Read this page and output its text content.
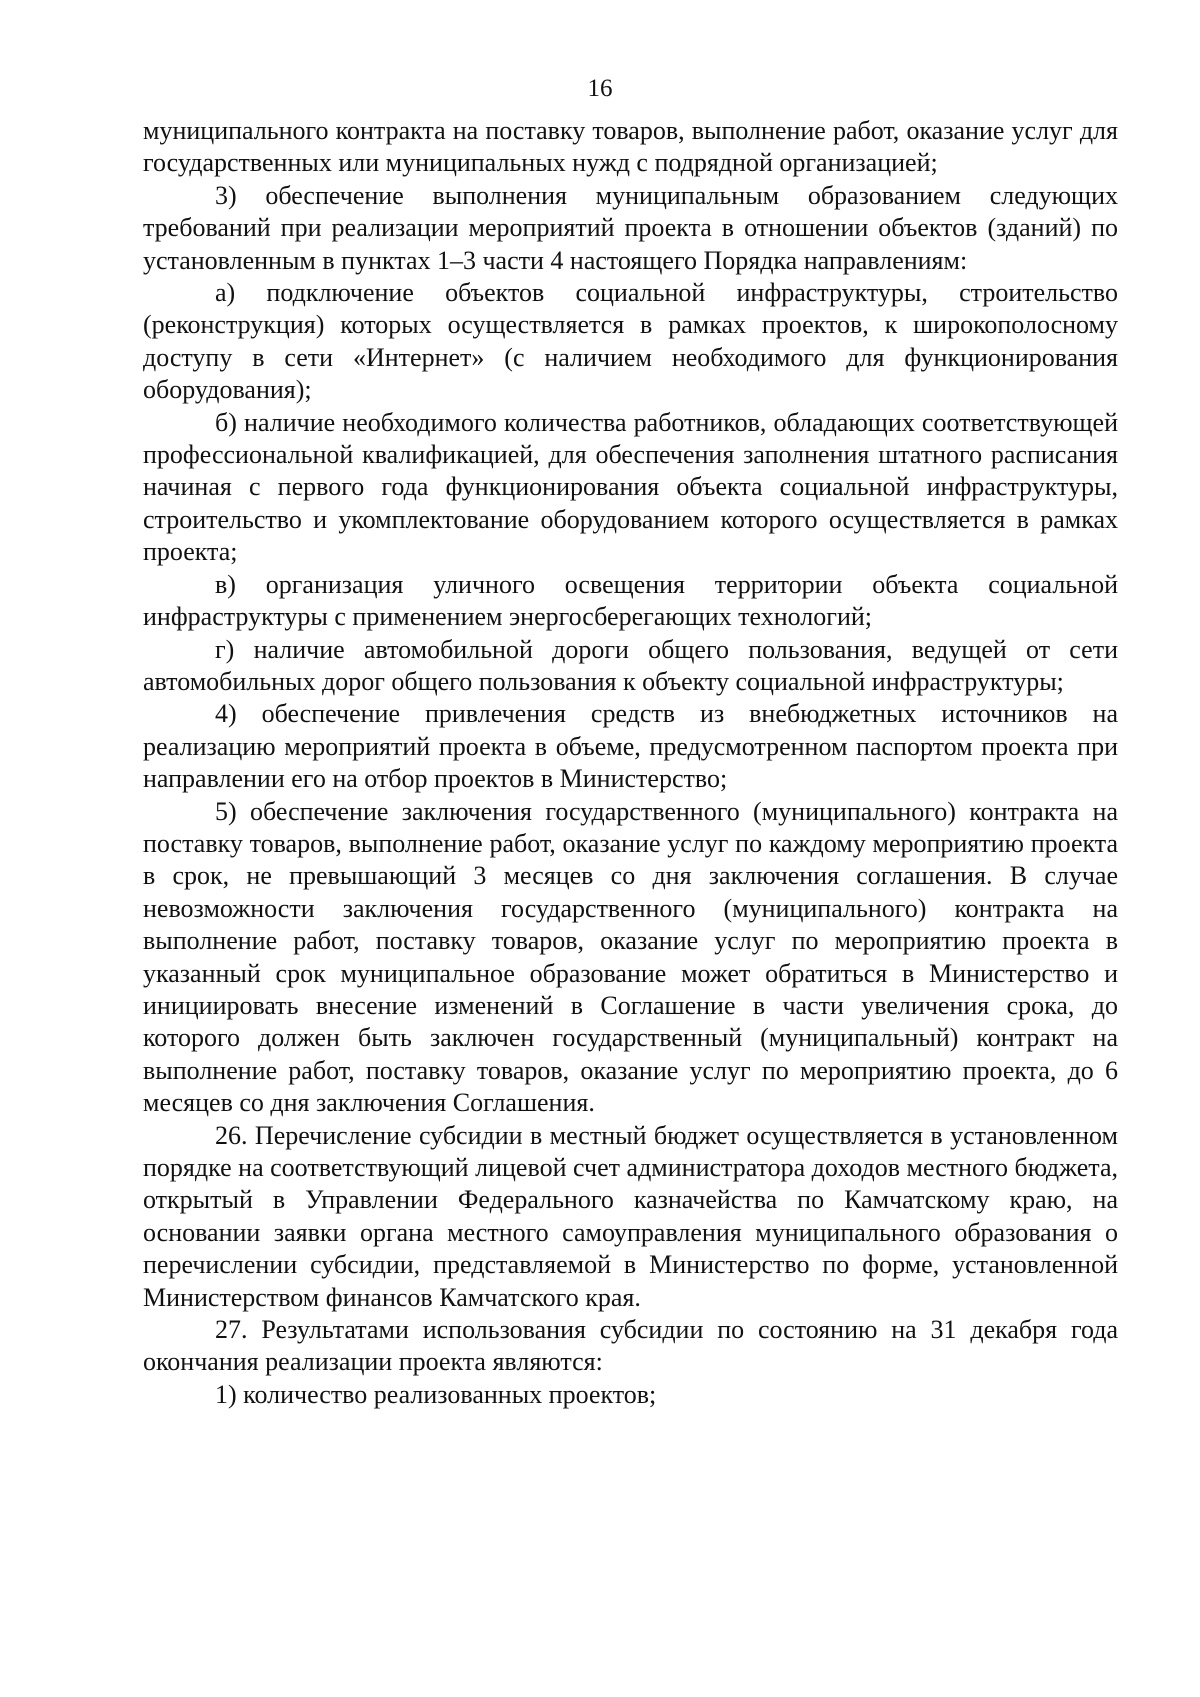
16

муниципального контракта на поставку товаров, выполнение работ, оказание услуг для государственных или муниципальных нужд с подрядной организацией;

3) обеспечение выполнения муниципальным образованием следующих требований при реализации мероприятий проекта в отношении объектов (зданий) по установленным в пунктах 1–3 части 4 настоящего Порядка направлениям:

а) подключение объектов социальной инфраструктуры, строительство (реконструкция) которых осуществляется в рамках проектов, к широкополосному доступу в сети «Интернет» (с наличием необходимого для функционирования оборудования);

б) наличие необходимого количества работников, обладающих соответствующей профессиональной квалификацией, для обеспечения заполнения штатного расписания начиная с первого года функционирования объекта социальной инфраструктуры, строительство и укомплектование оборудованием которого осуществляется в рамках проекта;

в) организация уличного освещения территории объекта социальной инфраструктуры с применением энергосберегающих технологий;

г) наличие автомобильной дороги общего пользования, ведущей от сети автомобильных дорог общего пользования к объекту социальной инфраструктуры;

4) обеспечение привлечения средств из внебюджетных источников на реализацию мероприятий проекта в объеме, предусмотренном паспортом проекта при направлении его на отбор проектов в Министерство;

5) обеспечение заключения государственного (муниципального) контракта на поставку товаров, выполнение работ, оказание услуг по каждому мероприятию проекта в срок, не превышающий 3 месяцев со дня заключения соглашения. В случае невозможности заключения государственного (муниципального) контракта на выполнение работ, поставку товаров, оказание услуг по мероприятию проекта в указанный срок муниципальное образование может обратиться в Министерство и инициировать внесение изменений в Соглашение в части увеличения срока, до которого должен быть заключен государственный (муниципальный) контракт на выполнение работ, поставку товаров, оказание услуг по мероприятию проекта, до 6 месяцев со дня заключения Соглашения.

26. Перечисление субсидии в местный бюджет осуществляется в установленном порядке на соответствующий лицевой счет администратора доходов местного бюджета, открытый в Управлении Федерального казначейства по Камчатскому краю, на основании заявки органа местного самоуправления муниципального образования о перечислении субсидии, представляемой в Министерство по форме, установленной Министерством финансов Камчатского края.

27. Результатами использования субсидии по состоянию на 31 декабря года окончания реализации проекта являются:

1) количество реализованных проектов;
